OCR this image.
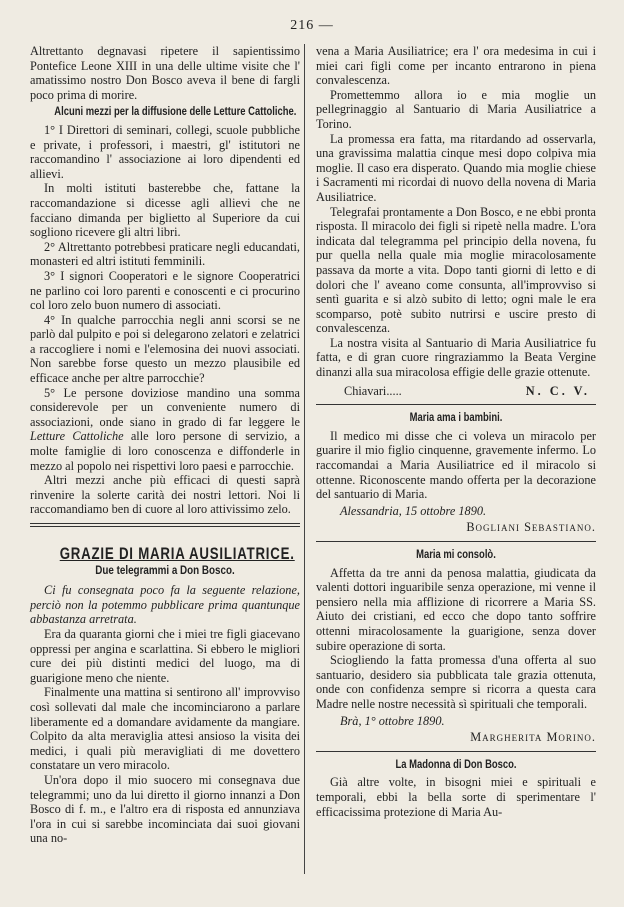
216 —

Altrettanto degnavasi ripetere il sapientissimo Pontefice Leone XIII in una delle ultime visite che l' amatissimo nostro Don Bosco aveva il bene di fargli poco prima di morire.

Alcuni mezzi per la diffusione delle Letture Cattoliche.

1° I Direttori di seminari, collegi, scuole pubbliche e private, i professori, i maestri, gl' istitutori ne raccomandino l' associazione ai loro dipendenti ed allievi.

In molti istituti basterebbe che, fattane la raccomandazione si dicesse agli allievi che ne facciano dimanda per biglietto al Superiore da cui sogliono ricevere gli altri libri.

2° Altrettanto potrebbesi praticare negli educandati, monasteri ed altri istituti femminili.

3° I signori Cooperatori e le signore Cooperatrici ne parlino coi loro parenti e conoscenti e ci procurino col loro zelo buon numero di associati.

4° In qualche parrocchia negli anni scorsi se ne parlò dal pulpito e poi si delegarono zelatori e zelatrici a raccogliere i nomi e l'elemosina dei nuovi associati. Non sarebbe forse questo un mezzo plausibile ed efficace anche per altre parrocchie?

5° Le persone doviziose mandino una somma considerevole per un conveniente numero di associazioni, onde siano in grado di far leggere le Letture Cattoliche alle loro persone di servizio, a molte famiglie di loro conoscenza e diffonderle in mezzo al popolo nei rispettivi loro paesi e parrocchie.

Altri mezzi anche più efficaci di questi saprà rinvenire la solerte carità dei nostri lettori. Noi li raccomandiamo ben di cuore al loro attivissimo zelo.

GRAZIE DI MARIA AUSILIATRICE.
Due telegrammi a Don Bosco.

Ci fu consegnata poco fa la seguente relazione, perciò non la potemmo pubblicare prima quantunque abbastanza arretrata.

Era da quaranta giorni che i miei tre figli giacevano oppressi per angina e scarlattina. Si ebbero le migliori cure dei più distinti medici del luogo, ma di guarigione meno che niente.

Finalmente una mattina si sentirono all' improvviso così sollevati dal male che incominciarono a parlare liberamente ed a domandare avidamente da mangiare. Colpito da alta meraviglia attesi ansioso la visita dei medici, i quali più meravigliati di me dovettero constatare un vero miracolo.

Un'ora dopo il mio suocero mi consegnava due telegrammi; uno da lui diretto il giorno innanzi a Don Bosco di f. m., e l'altro era di risposta ed annunziava l'ora in cui si sarebbe incominciata dai suoi giovani una no-

vena a Maria Ausiliatrice; era l' ora medesima in cui i miei cari figli come per incanto entrarono in piena convalescenza.

Promettemmo allora io e mia moglie un pellegrinaggio al Santuario di Maria Ausiliatrice a Torino.

La promessa era fatta, ma ritardando ad osservarla, una gravissima malattia cinque mesi dopo colpiva mia moglie. Il caso era disperato. Quando mia moglie chiese i Sacramenti mi ricordai di nuovo della novena di Maria Ausiliatrice.

Telegrafai prontamente a Don Bosco, e ne ebbi pronta risposta. Il miracolo dei figli si ripetè nella madre. L'ora indicata dal telegramma pel principio della novena, fu pur quella nella quale mia moglie miracolosamente passava da morte a vita. Dopo tanti giorni di letto e di dolori che l' aveano come consunta, all'improvviso si sentì guarita e si alzò subito di letto; ogni male le era scomparso, potè subito nutrirsi e uscire presto di convalescenza.

La nostra visita al Santuario di Maria Ausiliatrice fu fatta, e di gran cuore ringraziammo la Beata Vergine dinanzi alla sua miracolosa effigie delle grazie ottenute.

Chiavari.....	N. C. V.
Maria ama i bambini.

Il medico mi disse che ci voleva un miracolo per guarire il mio figlio cinquenne, gravemente infermo. Lo raccomandai a Maria Ausiliatrice ed il miracolo si ottenne. Riconoscente mando offerta per la decorazione del santuario di Maria.

Alessandria, 15 ottobre 1890.

Bogliani Sebastiano.
Maria mi consolò.

Affetta da tre anni da penosa malattia, giudicata da valenti dottori inguaribile senza operazione, mi venne il pensiero nella mia afflizione di ricorrere a Maria SS. Aiuto dei cristiani, ed ecco che dopo tanto soffrire ottenni miracolosamente la guarigione, senza dover subire operazione di sorta.

Sciogliendo la fatta promessa d'una offerta al suo santuario, desidero sia pubblicata tale grazia ottenuta, onde con confidenza sempre si ricorra a questa cara Madre nelle nostre necessità sì spirituali che temporali.

Brà, 1° ottobre 1890.

Margherita Morino.
La Madonna di Don Bosco.

Già altre volte, in bisogni miei e spirituali e temporali, ebbi la bella sorte di sperimentare l' efficacissima protezione di Maria Au-
